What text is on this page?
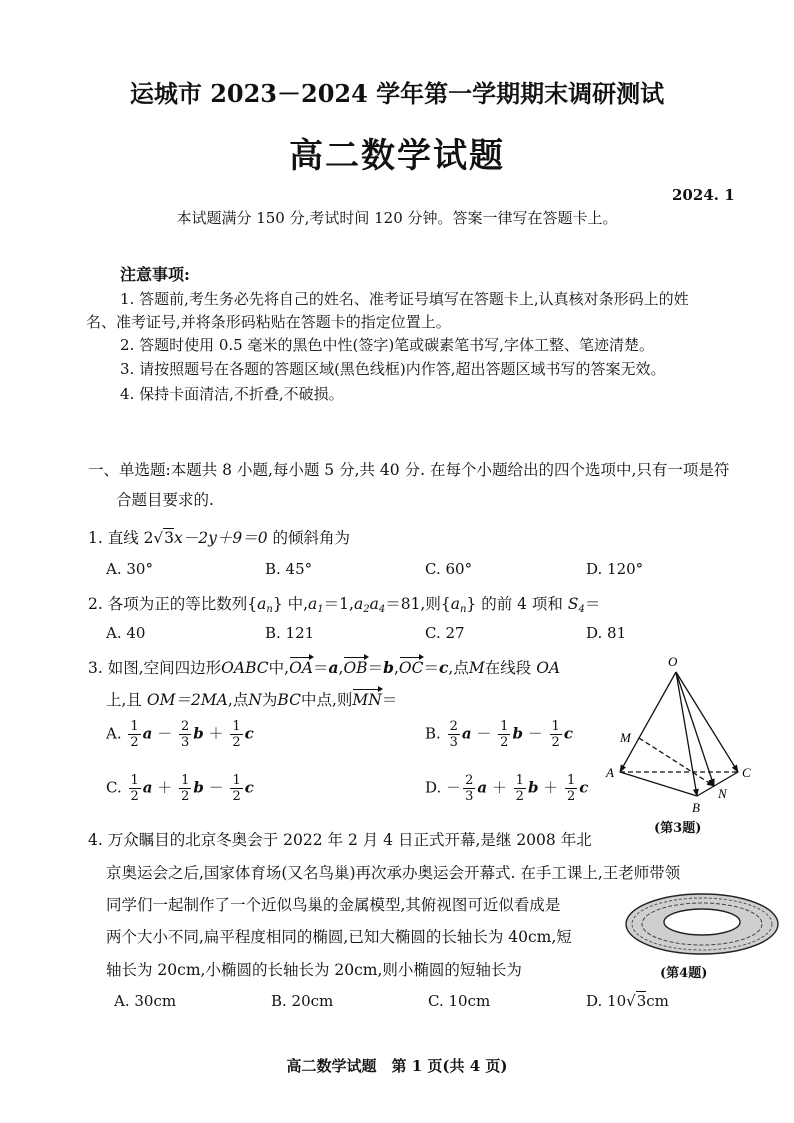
运城市 2023－2024 学年第一学期期末调研测试
高二数学试题
2024. 1
本试题满分 150 分,考试时间 120 分钟。答案一律写在答题卡上。
注意事项:
1. 答题前,考生务必先将自己的姓名、准考证号填写在答题卡上,认真核对条形码上的姓
名、准考证号,并将条形码粘贴在答题卡的指定位置上。
2. 答题时使用 0.5 毫米的黑色中性(签字)笔或碳素笔书写,字体工整、笔迹清楚。
3. 请按照题号在各题的答题区域(黑色线框)内作答,超出答题区域书写的答案无效。
4. 保持卡面清洁,不折叠,不破损。
一、单选题:本题共 8 小题,每小题 5 分,共 40 分. 在每个小题给出的四个选项中,只有一项是符
合题目要求的.
1. 直线 2√3x－2y＋9＝0 的倾斜角为
A. 30°	B. 45°	C. 60°	D. 120°
2. 各项为正的等比数列$\{a_n\}$ 中$,a_1=1,a_2a_4=81$,则$\{a_n\}$ 的前 4 项和 $S_4=$
A. 40	B. 121	C. 27	D. 81
3. 如图,空间四边形OABC中,OA＝a,OB＝b,OC＝c,点M在线段 OA
上,且 OM＝2MA,点N为BC中点,则MN＝
A. $\frac{1}{2}$ $a - \frac{2}{3}$ $b + \frac{1}{2}$ c	B. $\frac{2}{3}$ $a - \frac{1}{2}$ $b - \frac{1}{2}$ c
C. $\frac{1}{2}$ $a + \frac{1}{2}$ $b - \frac{1}{2}$ c	D. － $\frac{2}{3}$ $a + \frac{1}{2}$ $b + \frac{1}{2}$ c
O
M
A	C
B
N
(第3题)
4. 万众瞩目的北京冬奥会于 2022 年 2 月 4 日正式开幕,是继 2008 年北
京奥运会之后,国家体育场(又名鸟巢)再次承办奥运会开幕式. 在手工课上,王老师带领
同学们一起制作了一个近似鸟巢的金属模型,其俯视图可近似看成是
两个大小不同,扁平程度相同的椭圆,已知大椭圆的长轴长为 40cm,短
轴长为 20cm,小椭圆的长轴长为 20cm,则小椭圆的短轴长为	(第4题)
A. 30cm	B. 20cm	C. 10cm	D. 10√3cm
高二数学试题　第 1 页(共 4 页)
